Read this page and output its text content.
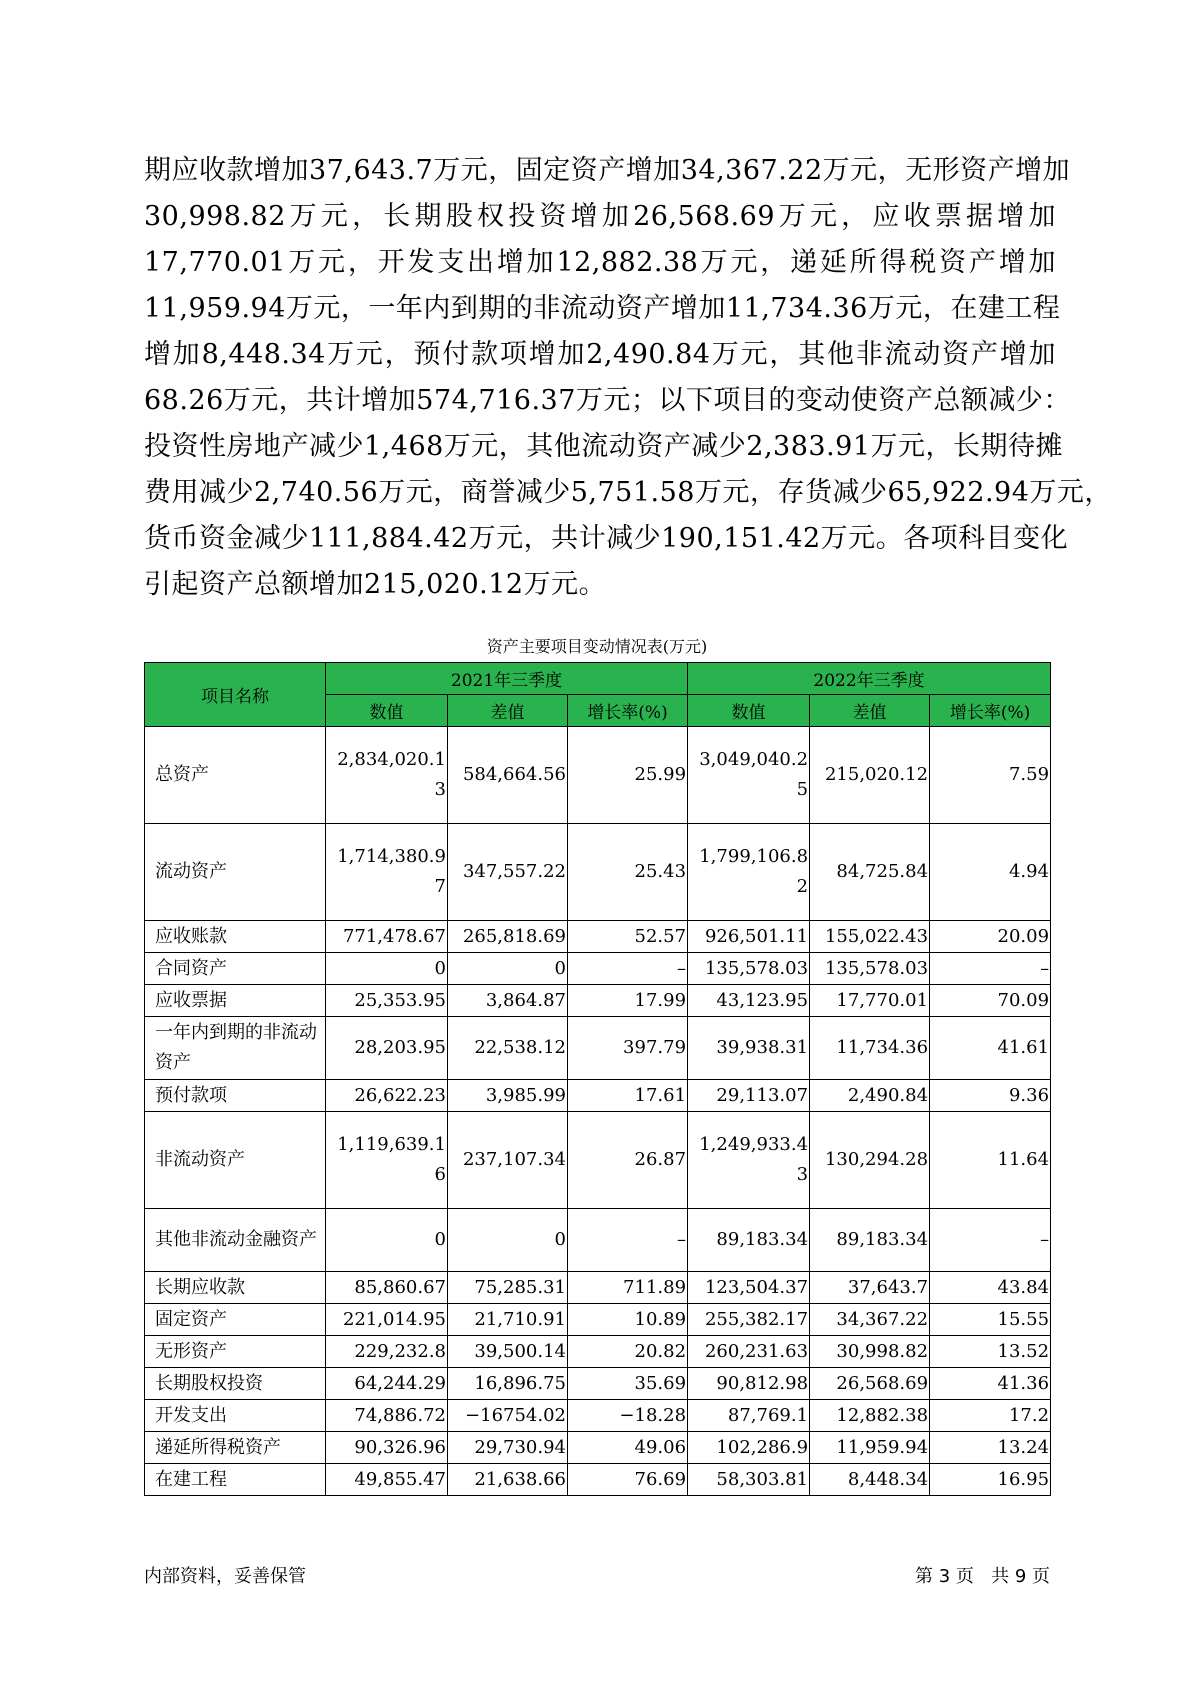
期应收款增加37,643.7万元，固定资产增加34,367.22万元，无形资产增加
30,998.82万元，长期股权投资增加26,568.69万元，应收票据增加
17,770.01万元，开发支出增加12,882.38万元，递延所得税资产增加
11,959.94万元，一年内到期的非流动资产增加11,734.36万元，在建工程
增加8,448.34万元，预付款项增加2,490.84万元，其他非流动资产增加
68.26万元，共计增加574,716.37万元；以下项目的变动使资产总额减少：
投资性房地产减少1,468万元，其他流动资产减少2,383.91万元，长期待摊
费用减少2,740.56万元，商誉减少5,751.58万元，存货减少65,922.94万元，
货币资金减少111,884.42万元，共计减少190,151.42万元。各项科目变化
引起资产总额增加215,020.12万元。
资产主要项目变动情况表(万元)
项目名称	2021年三季度			2022年三季度		
	数值	差值	增长率(%)	数值	差值	增长率(%)
总资产	2,834,020.13	584,664.56	25.99	3,049,040.25	215,020.12	7.59
流动资产	1,714,380.97	347,557.22	25.43	1,799,106.82	84,725.84	4.94
应收账款	771,478.67	265,818.69	52.57	926,501.11	155,022.43	20.09
合同资产	0	0	–	135,578.03	135,578.03	–
应收票据	25,353.95	3,864.87	17.99	43,123.95	17,770.01	70.09
一年内到期的非流动资产	28,203.95	22,538.12	397.79	39,938.31	11,734.36	41.61
预付款项	26,622.23	3,985.99	17.61	29,113.07	2,490.84	9.36
非流动资产	1,119,639.16	237,107.34	26.87	1,249,933.43	130,294.28	11.64
其他非流动金融资产	0	0	–	89,183.34	89,183.34	–
长期应收款	85,860.67	75,285.31	711.89	123,504.37	37,643.7	43.84
固定资产	221,014.95	21,710.91	10.89	255,382.17	34,367.22	15.55
无形资产	229,232.8	39,500.14	20.82	260,231.63	30,998.82	13.52
长期股权投资	64,244.29	16,896.75	35.69	90,812.98	26,568.69	41.36
开发支出	74,886.72	−16754.02	−18.28	87,769.1	12,882.38	17.2
递延所得税资产	90,326.96	29,730.94	49.06	102,286.9	11,959.94	13.24
在建工程	49,855.47	21,638.66	76.69	58,303.81	8,448.34	16.95
内部资料，妥善保管	第 3 页   共 9 页
